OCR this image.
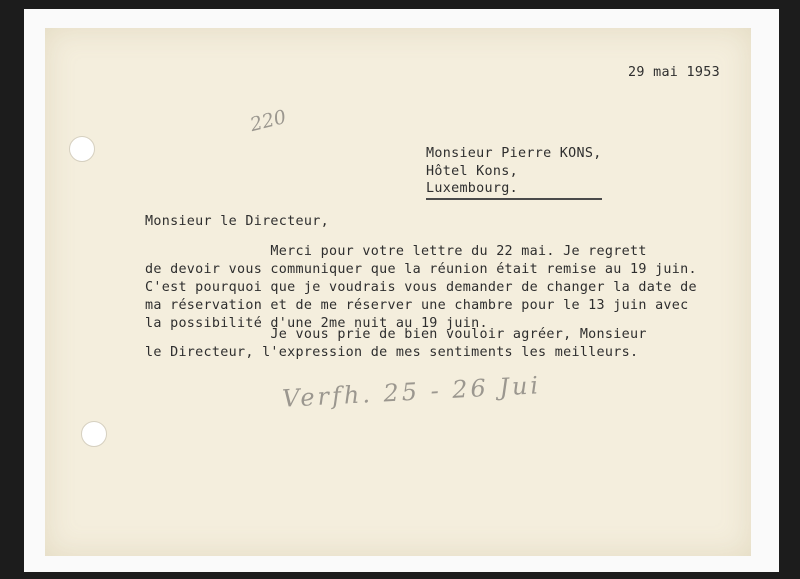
29 mai 1953
220
Monsieur Pierre KONS,
Hôtel Kons,
Luxembourg.
Monsieur le Directeur,
Merci pour votre lettre du 22 mai. Je regrett
de devoir vous communiquer que la réunion était remise au 19 juin.
C'est pourquoi que je voudrais vous demander de changer la date de
ma réservation et de me réserver une chambre pour le 13 juin avec
la possibilité d'une 2me nuit au 19 juin.
Je vous prie de bien vouloir agréer, Monsieur
le Directeur, l'expression de mes sentiments les meilleurs.
Verfh. 25 - 26 Jui
